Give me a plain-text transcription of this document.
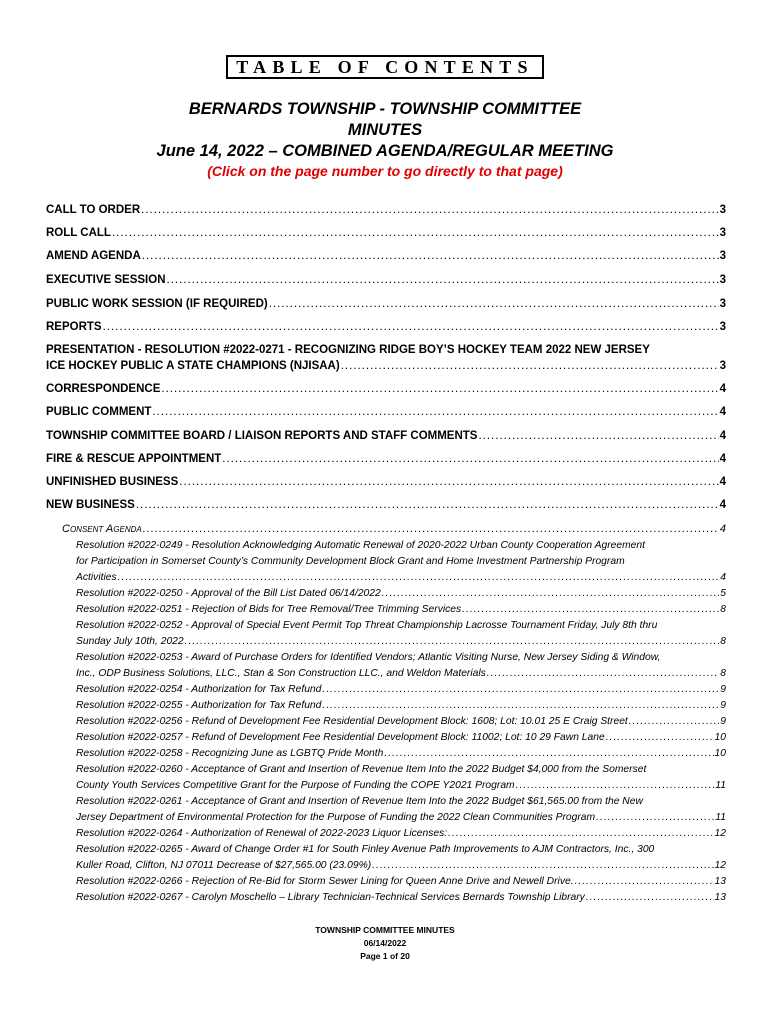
TABLE OF CONTENTS
BERNARDS TOWNSHIP - TOWNSHIP COMMITTEE
MINUTES
June 14, 2022 – COMBINED AGENDA/REGULAR MEETING
(Click on the page number to go directly to that page)
CALL TO ORDER .....	3
ROLL CALL .....	3
AMEND AGENDA .....	3
EXECUTIVE SESSION .....	3
PUBLIC WORK SESSION (IF REQUIRED) .....	3
REPORTS .....	3
PRESENTATION - RESOLUTION #2022-0271 - RECOGNIZING RIDGE BOY’S HOCKEY TEAM 2022 NEW JERSEY
ICE HOCKEY PUBLIC A STATE CHAMPIONS (NJISAA) .....	3
CORRESPONDENCE .....	4
PUBLIC COMMENT .....	4
TOWNSHIP COMMITTEE BOARD / LIAISON REPORTS AND STAFF COMMENTS .....	4
FIRE & RESCUE APPOINTMENT .....	4
UNFINISHED BUSINESS .....	4
NEW BUSINESS .....	4
Consent Agenda .....	4
Resolution #2022-0249 - Resolution Acknowledging Automatic Renewal of 2020-2022 Urban County Cooperation Agreement
for Participation in Somerset County’s Community Development Block Grant and Home Investment Partnership Program
Activities .....	4
Resolution #2022-0250 - Approval of the Bill List Dated 06/14/2022 .....	5
Resolution #2022-0251 - Rejection of Bids for Tree Removal/Tree Trimming Services .....	8
Resolution #2022-0252 - Approval of Special Event Permit Top Threat Championship Lacrosse Tournament Friday, July 8th thru
Sunday July 10th, 2022 .....	8
Resolution #2022-0253 - Award of Purchase Orders for Identified Vendors; Atlantic Visiting Nurse, New Jersey Siding & Window,
Inc., ODP Business Solutions, LLC., Stan & Son Construction LLC., and Weldon Materials .....	8
Resolution #2022-0254 - Authorization for Tax Refund .....	9
Resolution #2022-0255 - Authorization for Tax Refund .....	9
Resolution #2022-0256 - Refund of Development Fee Residential Development Block: 1608; Lot: 10.01 25 E Craig Street .....	9
Resolution #2022-0257 - Refund of Development Fee Residential Development Block: 11002; Lot: 10 29 Fawn Lane .....	10
Resolution #2022-0258 - Recognizing June as LGBTQ Pride Month .....	10
Resolution #2022-0260 - Acceptance of Grant and Insertion of Revenue Item Into the 2022 Budget $4,000 from the Somerset
County Youth Services Competitive Grant for the Purpose of Funding the COPE Y2021 Program .....	11
Resolution #2022-0261 - Acceptance of Grant and Insertion of Revenue Item Into the 2022 Budget $61,565.00 from the New
Jersey Department of Environmental Protection for the Purpose of Funding the 2022 Clean Communities Program .....	11
Resolution #2022-0264 - Authorization of Renewal of 2022-2023 Liquor Licenses: .....	12
Resolution #2022-0265 - Award of Change Order #1 for South Finley Avenue Path Improvements to AJM Contractors, Inc., 300
Kuller Road, Clifton, NJ 07011 Decrease of $27,565.00 (23.09%) .....	12
Resolution #2022-0266 - Rejection of Re-Bid for Storm Sewer Lining for Queen Anne Drive and Newell Drive. .....	13
Resolution #2022-0267 - Carolyn Moschello – Library Technician-Technical Services Bernards Township Library .....	13
TOWNSHIP COMMITTEE MINUTES
06/14/2022
Page 1 of 20
